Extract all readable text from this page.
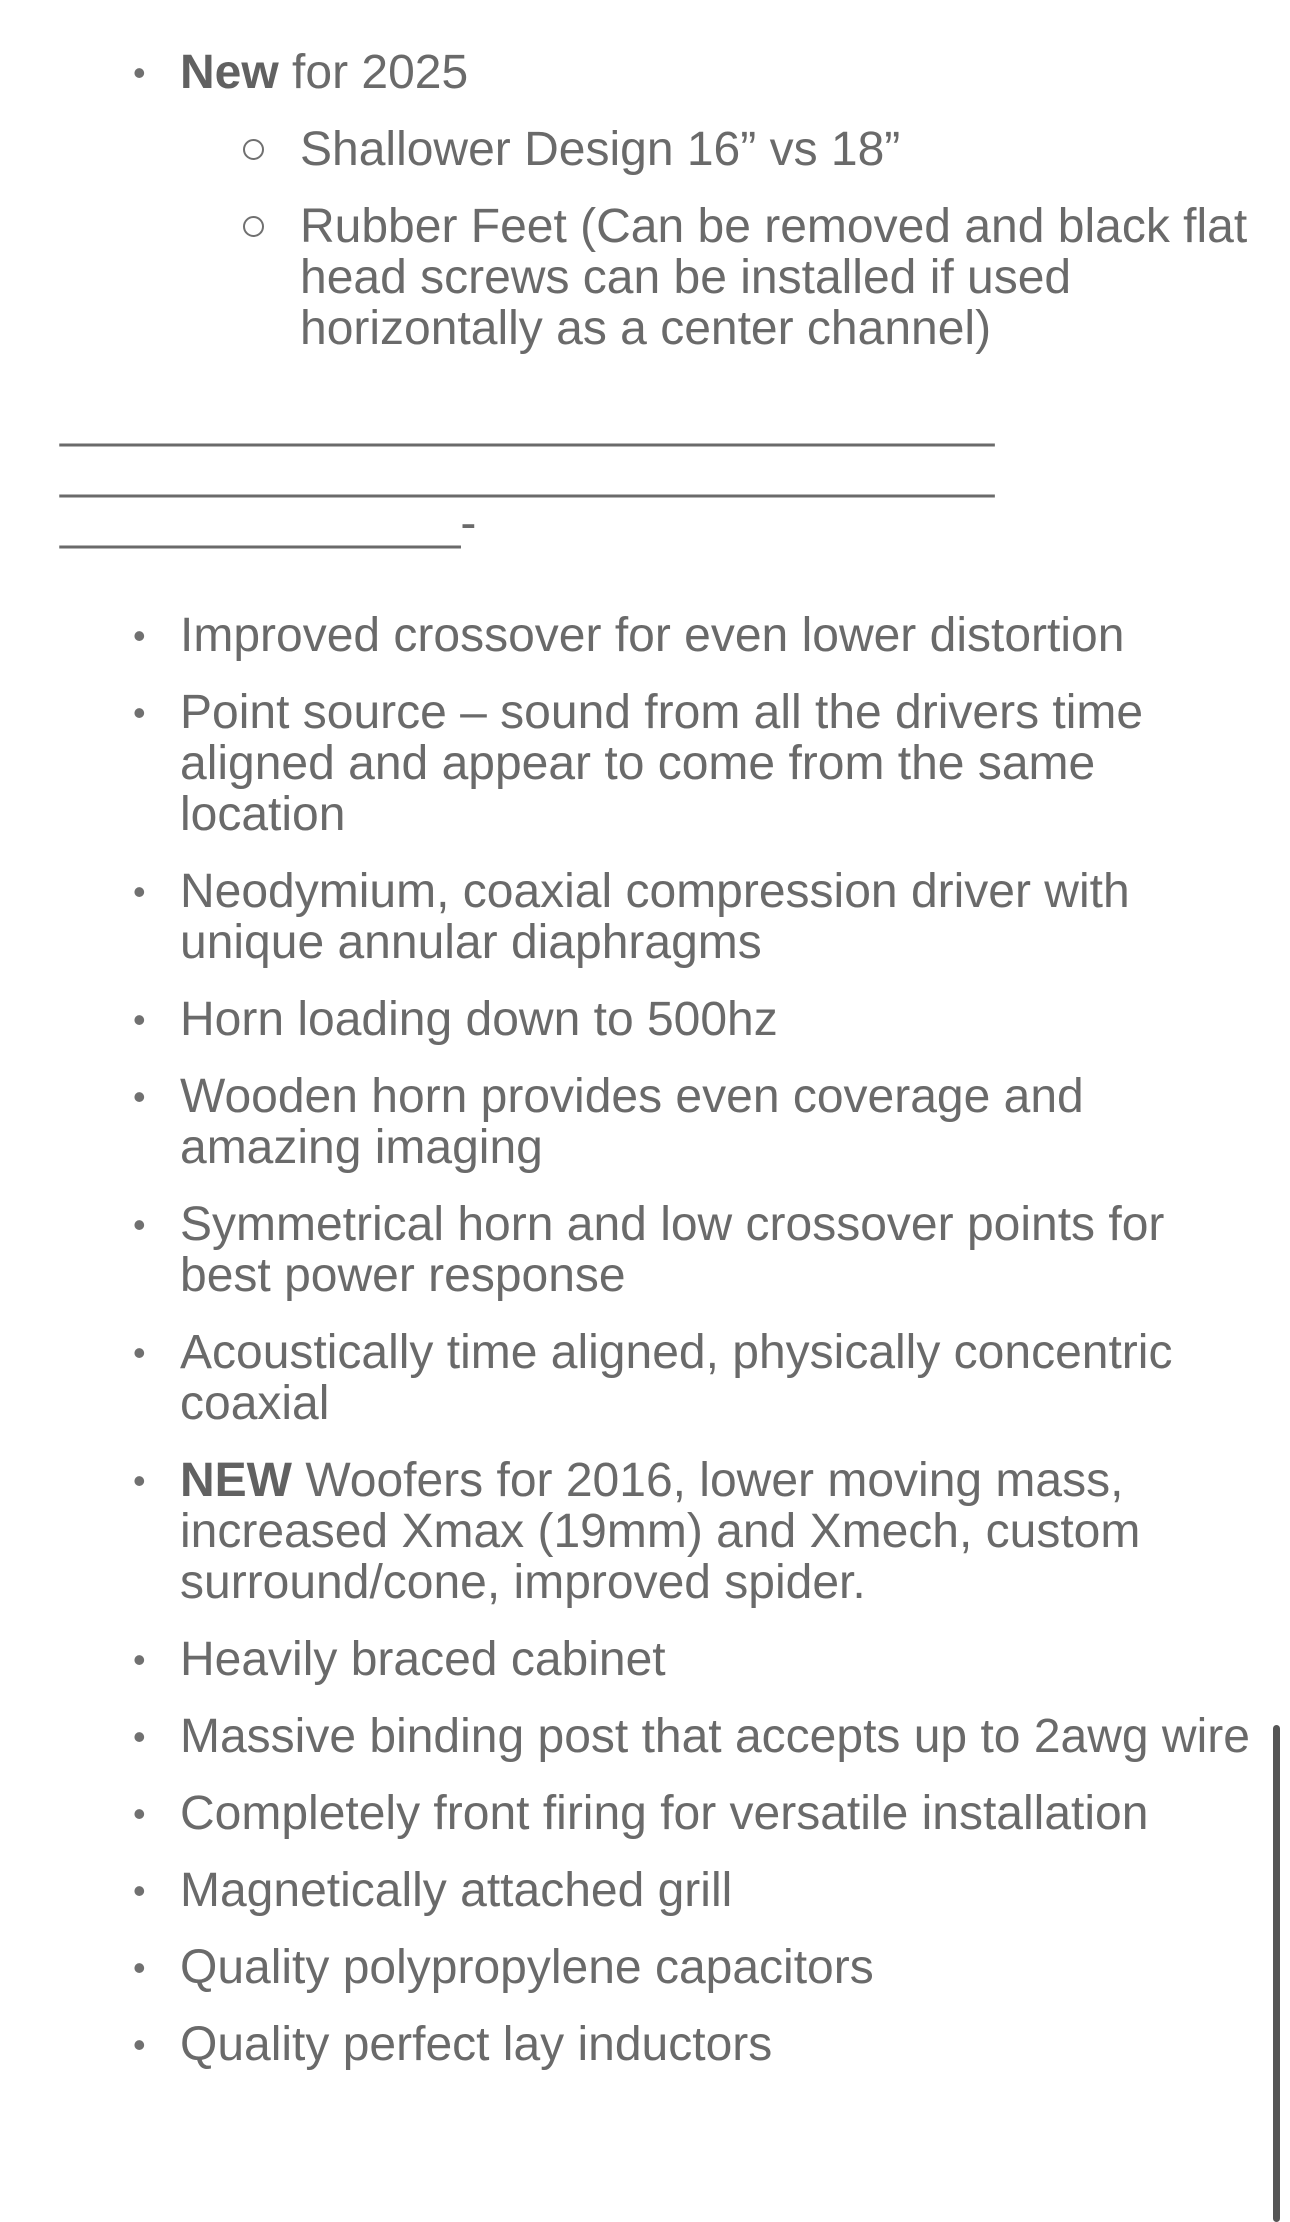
• New for 2025
Shallower Design 16” vs 18”
Rubber Feet (Can be removed and black flat head screws can be installed if used horizontally as a center channel)
___________________________________
___________________________________
_______________-
• Improved crossover for even lower distortion
• Point source – sound from all the drivers time aligned and appear to come from the same location
• Neodymium, coaxial compression driver with unique annular diaphragms
• Horn loading down to 500hz
• Wooden horn provides even coverage and amazing imaging
• Symmetrical horn and low crossover points for best power response
• Acoustically time aligned, physically concentric coaxial
• NEW Woofers for 2016, lower moving mass, increased Xmax (19mm) and Xmech, custom surround/cone, improved spider.
• Heavily braced cabinet
• Massive binding post that accepts up to 2awg wire
• Completely front firing for versatile installation
• Magnetically attached grill
• Quality polypropylene capacitors
• Quality perfect lay inductors
